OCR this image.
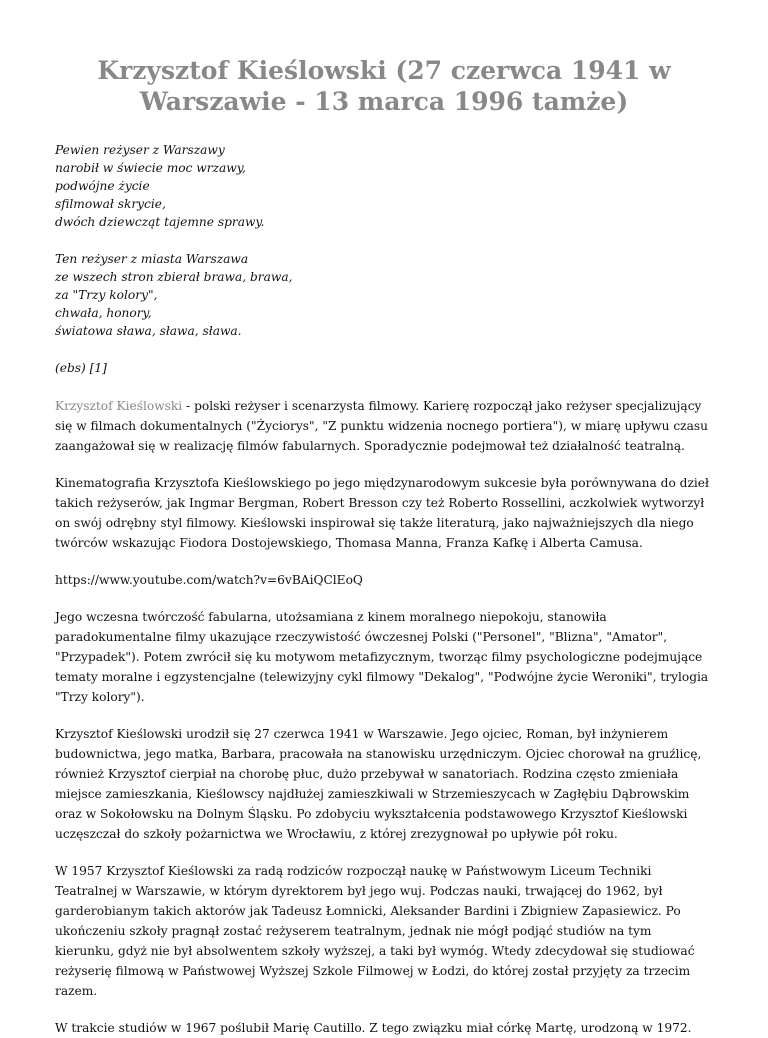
Krzysztof Kieślowski (27 czerwca 1941 w Warszawie - 13 marca 1996 tamże)
Pewien reżyser z Warszawy
narobił w świecie moc wrzawy,
podwójne życie
sfilmował skrycie,
dwóch dziewcząt tajemne sprawy.
Ten reżyser z miasta Warszawa
ze wszech stron zbierał brawa, brawa,
za "Trzy kolory",
chwała, honory,
światowa sława, sława, sława.
(ebs) [1]

Krzysztof Kieślowski - polski reżyser i scenarzysta filmowy. Karierę rozpoczął jako reżyser specjalizujący się w filmach dokumentalnych ("Życiorys", "Z punktu widzenia nocnego portiera"), w miarę upływu czasu zaangażował się w realizację filmów fabularnych. Sporadycznie podejmował też działalność teatralną.

Kinematografia Krzysztofa Kieślowskiego po jego międzynarodowym sukcesie była porównywana do dzieł takich reżyserów, jak Ingmar Bergman, Robert Bresson czy też Roberto Rossellini, aczkolwiek wytworzył on swój odrębny styl filmowy. Kieślowski inspirował się także literaturą, jako najważniejszych dla niego twórców wskazując Fiodora Dostojewskiego, Thomasa Manna, Franza Kafkę i Alberta Camusa.

https://www.youtube.com/watch?v=6vBAiQClEoQ

Jego wczesna twórczość fabularna, utożsamiana z kinem moralnego niepokoju, stanowiła paradokumentalne filmy ukazujące rzeczywistość ówczesnej Polski ("Personel", "Blizna", "Amator", "Przypadek"). Potem zwrócił się ku motywom metafizycznym, tworząc filmy psychologiczne podejmujące tematy moralne i egzystencjalne (telewizyjny cykl filmowy "Dekalog", "Podwójne życie Weroniki", trylogia "Trzy kolory").

Krzysztof Kieślowski urodził się 27 czerwca 1941 w Warszawie. Jego ojciec, Roman, był inżynierem budownictwa, jego matka, Barbara, pracowała na stanowisku urzędniczym. Ojciec chorował na gruźlicę, również Krzysztof cierpiał na chorobę płuc, dużo przebywał w sanatoriach. Rodzina często zmieniała miejsce zamieszkania, Kieślowscy najdłużej zamieszkiwali w Strzemieszycach w Zagłębiu Dąbrowskim oraz w Sokołowsku na Dolnym Śląsku. Po zdobyciu wykształcenia podstawowego Krzysztof Kieślowski uczęszczał do szkoły pożarnictwa we Wrocławiu, z której zrezygnował po upływie pół roku.

W 1957 Krzysztof Kieślowski za radą rodziców rozpoczął naukę w Państwowym Liceum Techniki Teatralnej w Warszawie, w którym dyrektorem był jego wuj. Podczas nauki, trwającej do 1962, był garderobianym takich aktorów jak Tadeusz Łomnicki, Aleksander Bardini i Zbigniew Zapasiewicz. Po ukończeniu szkoły pragnął zostać reżyserem teatralnym, jednak nie mógł podjąć studiów na tym kierunku, gdyż nie był absolwentem szkoły wyższej, a taki był wymóg. Wtedy zdecydował się studiować reżyserię filmową w Państwowej Wyższej Szkole Filmowej w Łodzi, do której został przyjęty za trzecim razem.

W trakcie studiów w 1967 poślubił Marię Cautillo. Z tego związku miał córkę Martę, urodzoną w 1972.
